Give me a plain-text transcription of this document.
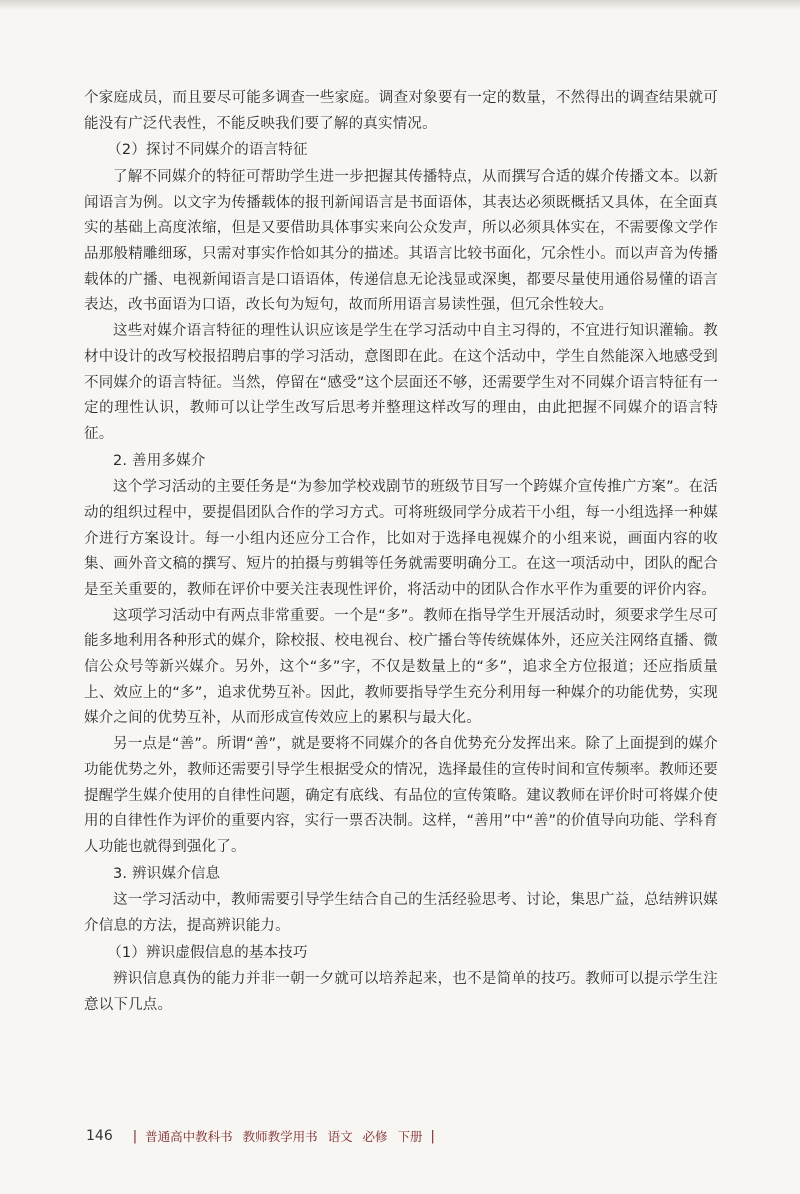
个家庭成员，而且要尽可能多调查一些家庭。调查对象要有一定的数量，不然得出的调查结果就可能没有广泛代表性，不能反映我们要了解的真实情况。

（2）探讨不同媒介的语言特征

了解不同媒介的特征可帮助学生进一步把握其传播特点，从而撰写合适的媒介传播文本。以新闻语言为例。以文字为传播载体的报刊新闻语言是书面语体，其表达必须既概括又具体，在全面真实的基础上高度浓缩，但是又要借助具体事实来向公众发声，所以必须具体实在，不需要像文学作品那般精雕细琢，只需对事实作恰如其分的描述。其语言比较书面化，冗余性小。而以声音为传播载体的广播、电视新闻语言是口语语体，传递信息无论浅显或深奥，都要尽量使用通俗易懂的语言表达，改书面语为口语，改长句为短句，故而所用语言易读性强，但冗余性较大。

这些对媒介语言特征的理性认识应该是学生在学习活动中自主习得的，不宜进行知识灌输。教材中设计的改写校报招聘启事的学习活动，意图即在此。在这个活动中，学生自然能深入地感受到不同媒介的语言特征。当然，停留在“感受”这个层面还不够，还需要学生对不同媒介语言特征有一定的理性认识，教师可以让学生改写后思考并整理这样改写的理由，由此把握不同媒介的语言特征。

2. 善用多媒介

这个学习活动的主要任务是“为参加学校戏剧节的班级节目写一个跨媒介宣传推广方案”。在活动的组织过程中，要提倡团队合作的学习方式。可将班级同学分成若干小组，每一小组选择一种媒介进行方案设计。每一小组内还应分工合作，比如对于选择电视媒介的小组来说，画面内容的收集、画外音文稿的撰写、短片的拍摄与剪辑等任务就需要明确分工。在这一项活动中，团队的配合是至关重要的，教师在评价中要关注表现性评价，将活动中的团队合作水平作为重要的评价内容。

这项学习活动中有两点非常重要。一个是“多”。教师在指导学生开展活动时，须要求学生尽可能多地利用各种形式的媒介，除校报、校电视台、校广播台等传统媒体外，还应关注网络直播、微信公众号等新兴媒介。另外，这个“多”字，不仅是数量上的“多”，追求全方位报道；还应指质量上、效应上的“多”，追求优势互补。因此，教师要指导学生充分利用每一种媒介的功能优势，实现媒介之间的优势互补，从而形成宣传效应上的累积与最大化。

另一点是“善”。所谓“善”，就是要将不同媒介的各自优势充分发挥出来。除了上面提到的媒介功能优势之外，教师还需要引导学生根据受众的情况，选择最佳的宣传时间和宣传频率。教师还要提醒学生媒介使用的自律性问题，确定有底线、有品位的宣传策略。建议教师在评价时可将媒介使用的自律性作为评价的重要内容，实行一票否决制。这样，“善用”中“善”的价值导向功能、学科育人功能也就得到强化了。

3. 辨识媒介信息

这一学习活动中，教师需要引导学生结合自己的生活经验思考、讨论，集思广益，总结辨识媒介信息的方法，提高辨识能力。

（1）辨识虚假信息的基本技巧

辨识信息真伪的能力并非一朝一夕就可以培养起来，也不是简单的技巧。教师可以提示学生注意以下几点。

146 | 普通高中教科书 教师教学用书 语文 必修 下册 |
